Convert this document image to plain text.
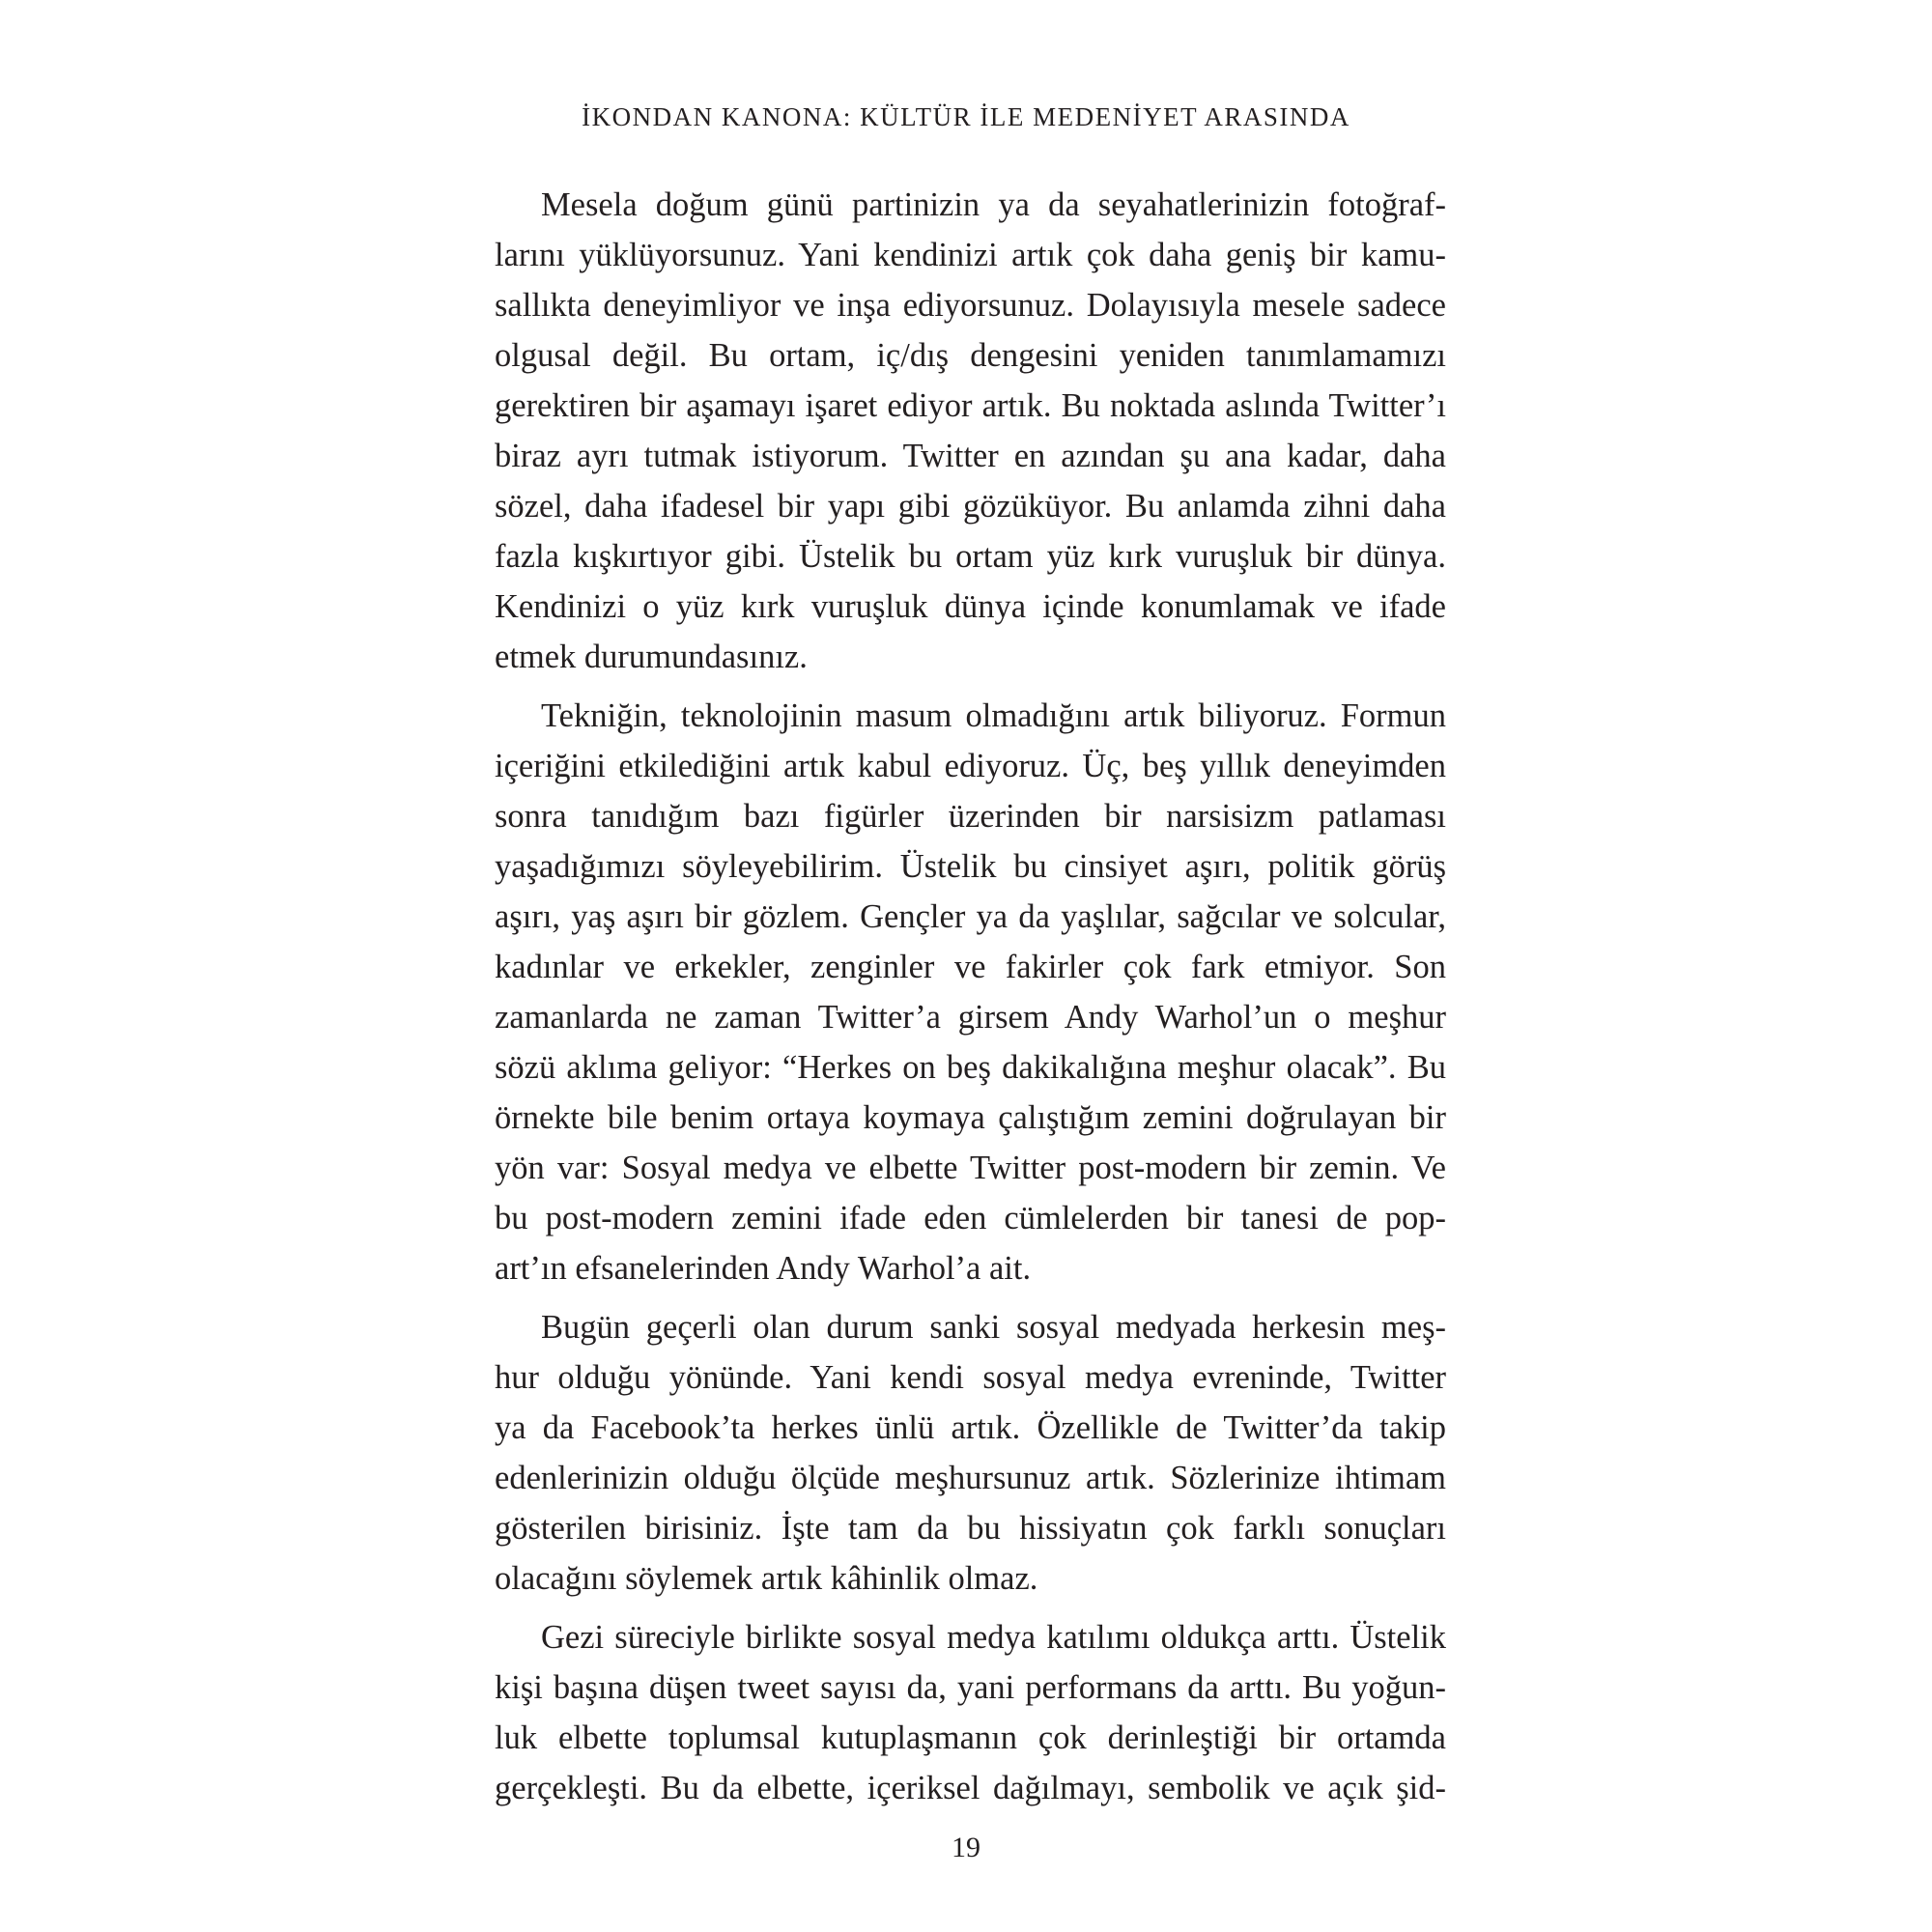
İKONDAN KANONA: KÜLTÜR İLE MEDENİYET ARASINDA
Mesela doğum günü partinizin ya da seyahatlerinizin fotoğraf-
larını yüklüyorsunuz. Yani kendinizi artık çok daha geniş bir kamu-
sallıkta deneyimliyor ve inşa ediyorsunuz. Dolayısıyla mesele sadece
olgusal değil. Bu ortam, iç/dış dengesini yeniden tanımlamamızı
gerektiren bir aşamayı işaret ediyor artık. Bu noktada aslında Twitter’ı
biraz ayrı tutmak istiyorum. Twitter en azından şu ana kadar, daha
sözel, daha ifadesel bir yapı gibi gözüküyor. Bu anlamda zihni daha
fazla kışkırtıyor gibi. Üstelik bu ortam yüz kırk vuruşluk bir dünya.
Kendinizi o yüz kırk vuruşluk dünya içinde konumlamak ve ifade
etmek durumundasınız.
Tekniğin, teknolojinin masum olmadığını artık biliyoruz. Formun
içeriğini etkilediğini artık kabul ediyoruz. Üç, beş yıllık deneyimden
sonra tanıdığım bazı figürler üzerinden bir narsisizm patlaması
yaşadığımızı söyleyebilirim. Üstelik bu cinsiyet aşırı, politik görüş
aşırı, yaş aşırı bir gözlem. Gençler ya da yaşlılar, sağcılar ve solcular,
kadınlar ve erkekler, zenginler ve fakirler çok fark etmiyor. Son
zamanlarda ne zaman Twitter’a girsem Andy Warhol’un o meşhur
sözü aklıma geliyor: “Herkes on beş dakikalığına meşhur olacak”. Bu
örnekte bile benim ortaya koymaya çalıştığım zemini doğrulayan bir
yön var: Sosyal medya ve elbette Twitter post-modern bir zemin. Ve
bu post-modern zemini ifade eden cümlelerden bir tanesi de pop-
art’ın efsanelerinden Andy Warhol’a ait.
Bugün geçerli olan durum sanki sosyal medyada herkesin meş-
hur olduğu yönünde. Yani kendi sosyal medya evreninde, Twitter
ya da Facebook’ta herkes ünlü artık. Özellikle de Twitter’da takip
edenlerinizin olduğu ölçüde meşhursunuz artık. Sözlerinize ihtimam
gösterilen birisiniz. İşte tam da bu hissiyatın çok farklı sonuçları
olacağını söylemek artık kâhinlik olmaz.
Gezi süreciyle birlikte sosyal medya katılımı oldukça arttı. Üstelik
kişi başına düşen tweet sayısı da, yani performans da arttı. Bu yoğun-
luk elbette toplumsal kutuplaşmanın çok derinleştiği bir ortamda
gerçekleşti. Bu da elbette, içeriksel dağılmayı, sembolik ve açık şid-
19
